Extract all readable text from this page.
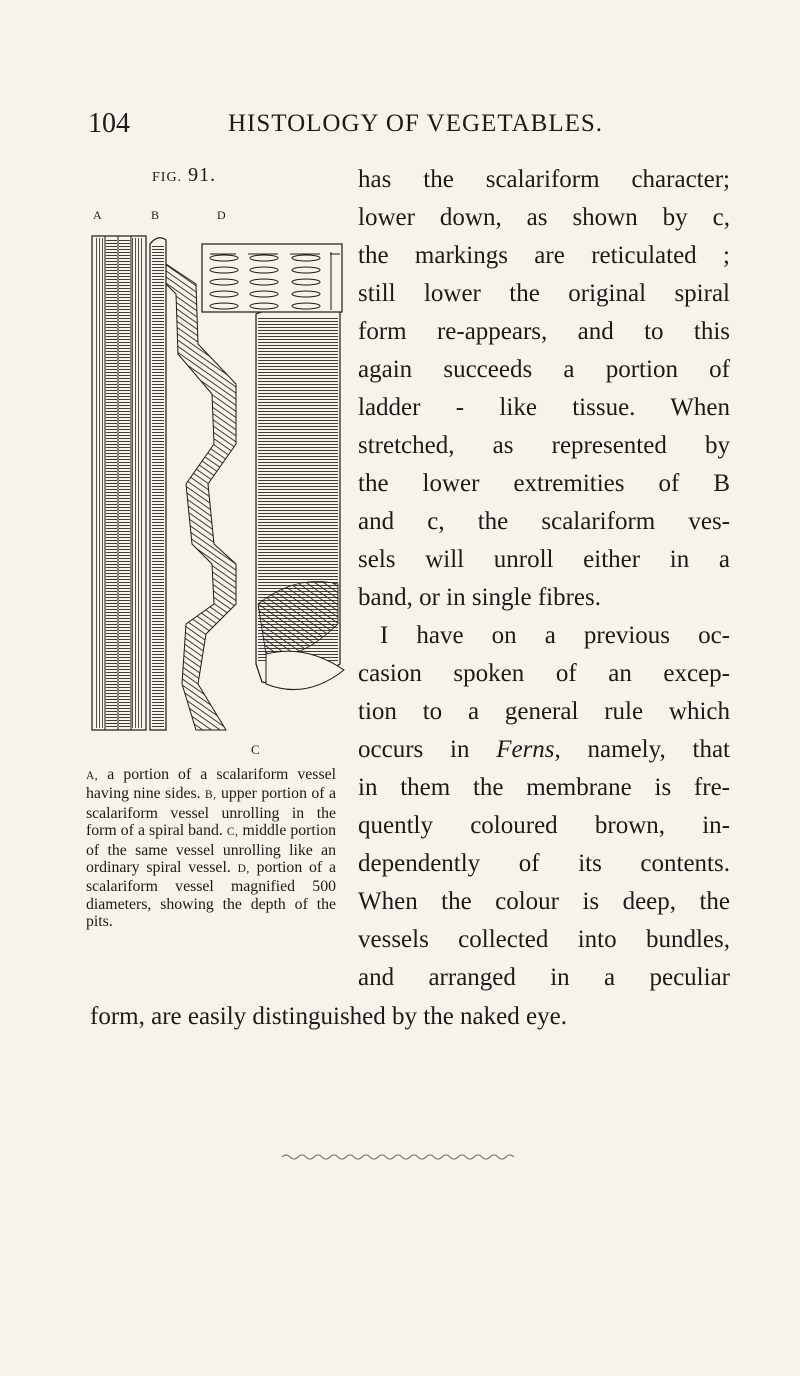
104	HISTOLOGY OF VEGETABLES.
FIG. 91.
A	B	D
C
A, a portion of a scalariform vessel having nine sides. B, upper portion of a scalariform vessel unrolling in the form of a spiral band. C, middle portion of the same vessel unrolling like an ordinary spiral vessel. D, portion of a scalariform vessel magnified 500 diameters, showing the depth of the pits.
has the scalariform character;
lower down, as shown by c,
the markings are reticulated ;
still lower the original spiral
form re-appears, and to this
again succeeds a portion of
ladder - like tissue. When
stretched, as represented by
the lower extremities of B
and c, the scalariform ves-
sels will unroll either in a
band, or in single fibres.
I have on a previous oc-
casion spoken of an excep-
tion to a general rule which
occurs in Ferns, namely, that
in them the membrane is fre-
quently coloured brown, in-
dependently of its contents.
When the colour is deep, the
vessels collected into bundles,
and arranged in a peculiar
form, are easily distinguished by the naked eye.
